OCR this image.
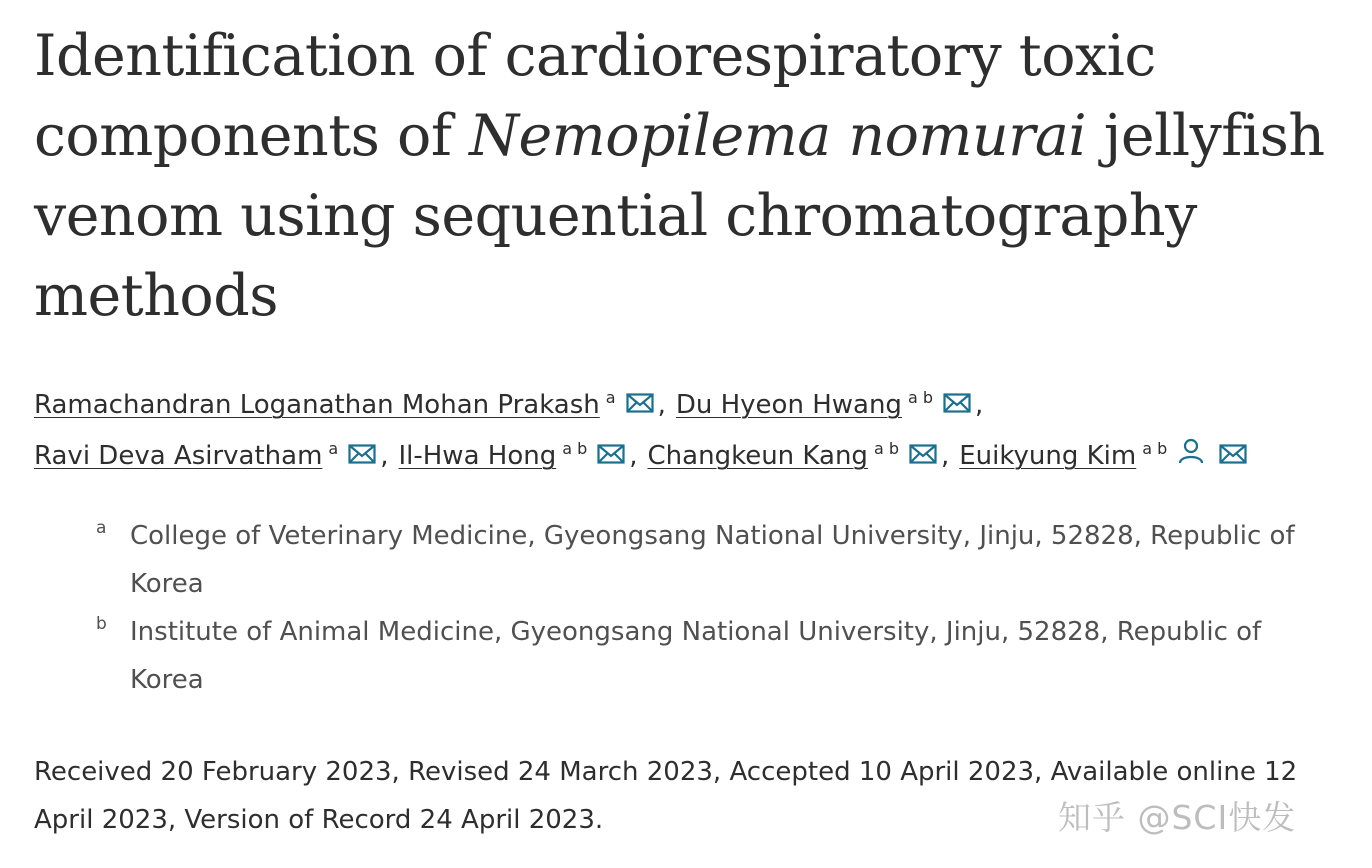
Identification of cardiorespiratory toxic components of Nemopilema nomurai jellyfish venom using sequential chromatography methods
Ramachandran Loganathan Mohan Prakash $^a$ , Du Hyeon Hwang $^{a b}$ ,
Ravi Deva Asirvatham $^a$ , Il-Hwa Hong $^{a b}$ , Changkeun Kang $^{a b}$ , Euikyung Kim $^{a b}$
a College of Veterinary Medicine, Gyeongsang National University, Jinju, 52828, Republic of Korea
b Institute of Animal Medicine, Gyeongsang National University, Jinju, 52828, Republic of Korea
Received 20 February 2023, Revised 24 March 2023, Accepted 10 April 2023, Available online 12 April 2023, Version of Record 24 April 2023.	知乎 @SCI快发
